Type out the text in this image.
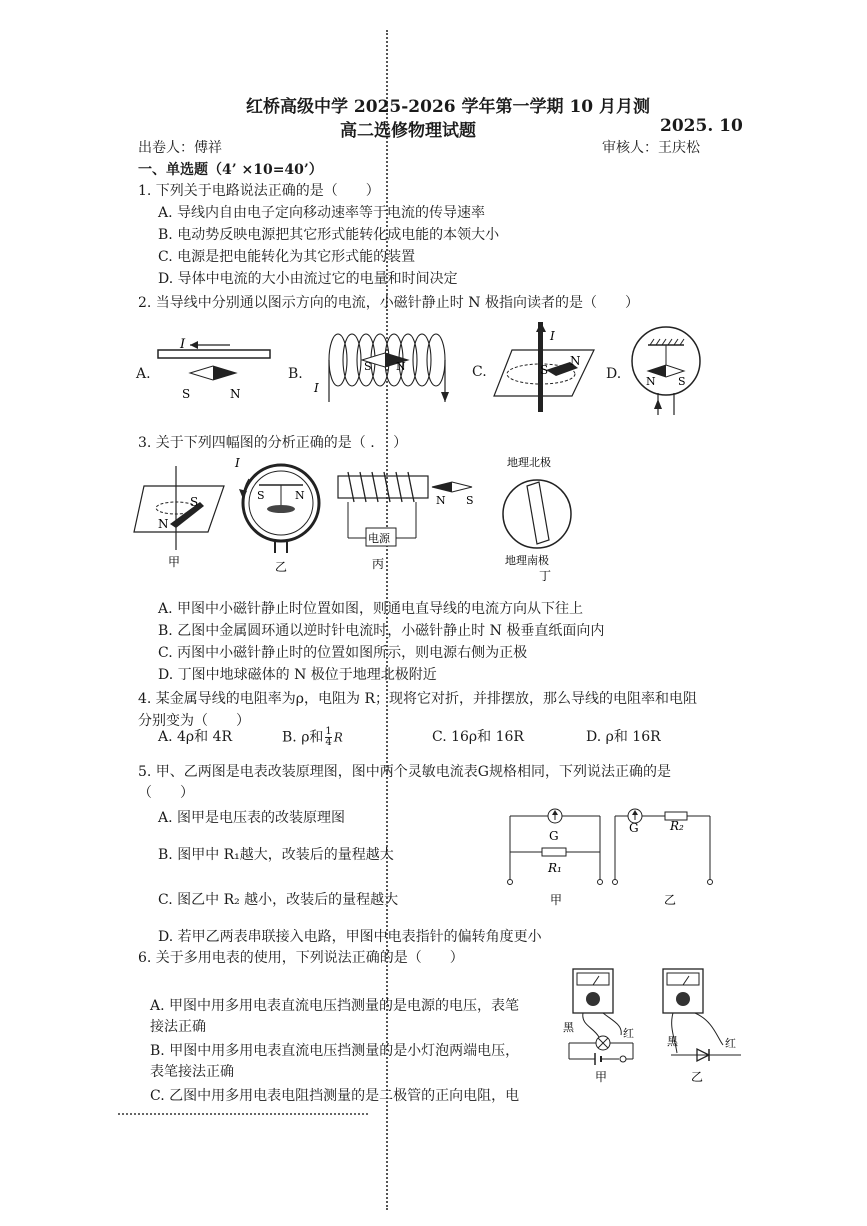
红桥高级中学 2025-2026 学年第一学期 10 月月测
高二选修物理试题	2025. 10
出卷人：傅祥	审核人：王庆松
一、单选题（4’ ×10=40’）
1. 下列关于电路说法正确的是（　　）
A. 导线内自由电子定向移动速率等于电流的传导速率
B. 电动势反映电源把其它形式能转化成电能的本领大小
C. 电源是把电能转化为其它形式能的装置
D. 导体中电流的大小由流过它的电量和时间决定
2. 当导线中分别通以图示方向的电流，小磁针静止时 N 极指向读者的是（　　）
A.
I
S	N
B.
I
S N	C.
I
S
N
D. N S
3. 关于下列四幅图的分析正确的是（ .　 ）
S
N
甲
I
S	N
乙
电源
N S
丙
地理北极
地理南极
丁
A. 甲图中小磁针静止时位置如图，则通电直导线的电流方向从下往上
B. 乙图中金属圆环通以逆时针电流时，小磁针静止时 N 极垂直纸面向内
C. 丙图中小磁针静止时的位置如图所示，则电源右侧为正极
D. 丁图中地球磁体的 N 极位于地理北极附近
4. 某金属导线的电阻率为ρ，电阻为 R；现将它对折，并排摆放，那么导线的电阻率和电阻
分别变为（　　）
A. 4ρ和 4R	B. ρ和 $\frac{1}{4}$ R	C. 16ρ和 16R	D. ρ和 16R
5. 甲、乙两图是电表改装原理图，图中两个灵敏电流表G规格相同，下列说法正确的是
（　　）
A. 图甲是电压表的改装原理图
B. 图甲中 R₁越大，改装后的量程越大
C. 图乙中 R₂ 越小，改装后的量程越大
D. 若甲乙两表串联接入电路，甲图中电表指针的偏转角度更小
G
R₁
甲
G	R₂
乙
6. 关于多用电表的使用，下列说法正确的是（　　）
A. 甲图中用多用电表直流电压挡测量的是电源的电压，表笔
接法正确
B. 甲图中用多用电表直流电压挡测量的是小灯泡两端电压，
表笔接法正确
C. 乙图中用多用电表电阻挡测量的是二极管的正向电阻，电
黑	红
甲
黑	红
乙
